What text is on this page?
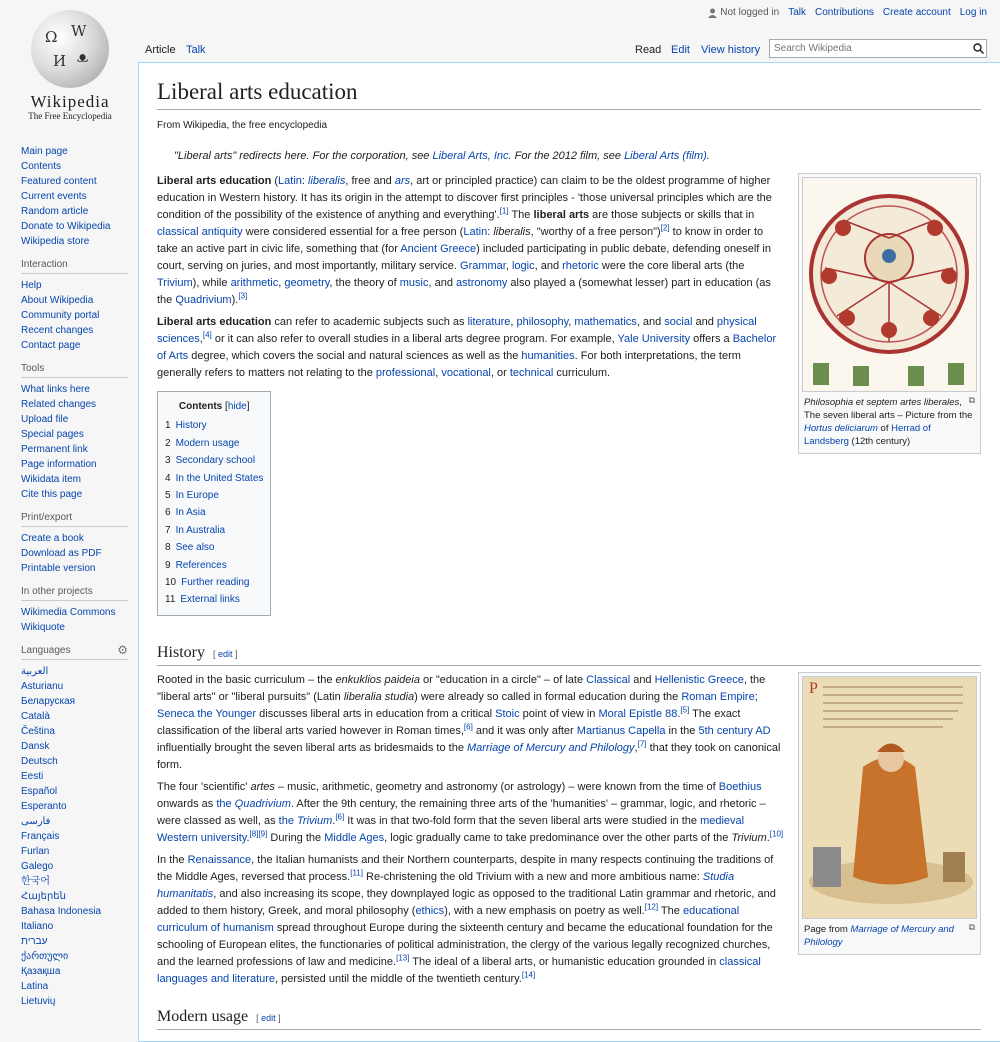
Not logged in Talk Contributions Create account Log in
Ω W
И ᴥ
Wikipedia
The Free Encyclopedia
Main page
Contents
Featured content
Current events
Random article
Donate to Wikipedia
Wikipedia store
Interaction
Help
About Wikipedia
Community portal
Recent changes
Contact page
Tools
What links here
Related changes
Upload file
Special pages
Permanent link
Page information
Wikidata item
Cite this page
Print/export
Create a book
Download as PDF
Printable version
In other projects
Wikimedia Commons
Wikiquote
Languages	⚙
العربية
Asturianu
Беларуская
Català
Čeština
Dansk
Deutsch
Eesti
Español
Esperanto
فارسی
Français
Furlan
Galego
한국어
Հայերեն
Bahasa Indonesia
Italiano
עברית
ქართული
Қазақша
Latina
Lietuvių
Article Talk	Read Edit	View history
Search Wikipedia
Liberal arts education
From Wikipedia, the free encyclopedia
"Liberal arts" redirects here. For the corporation, see Liberal Arts, Inc. For the 2012 film, see Liberal Arts (film).
⧉
Philosophia et septem artes liberales, The seven liberal arts – Picture from the Hortus deliciarum of Herrad of Landsberg (12th century)

Liberal arts education (Latin: liberalis, free and ars, art or principled practice) can claim to be the oldest programme of higher education in Western history. It has its origin in the attempt to discover first principles - 'those universal principles which are the condition of the possibility of the existence of anything and everything'.[1] The liberal arts are those subjects or skills that in classical antiquity were considered essential for a free person (Latin: liberalis, "worthy of a free person")[2] to know in order to take an active part in civic life, something that (for Ancient Greece) included participating in public debate, defending oneself in court, serving on juries, and most importantly, military service. Grammar, logic, and rhetoric were the core liberal arts (the Trivium), while arithmetic, geometry, the theory of music, and astronomy also played a (somewhat lesser) part in education (as the Quadrivium).[3]

Liberal arts education can refer to academic subjects such as literature, philosophy, mathematics, and social and physical sciences,[4] or it can also refer to overall studies in a liberal arts degree program. For example, Yale University offers a Bachelor of Arts degree, which covers the social and natural sciences as well as the humanities. For both interpretations, the term generally refers to matters not relating to the professional, vocational, or technical curriculum.

Contents [hide]
1 History
2 Modern usage
3 Secondary school
4 In the United States
5 In Europe
6 In Asia
7 In Australia
8 See also
9 References
10 Further reading
11 External links
History [ edit ]
P
⧉
Page from Marriage of Mercury and Philology

Rooted in the basic curriculum – the enkuklios paideia or "education in a circle" – of late Classical and Hellenistic Greece, the "liberal arts" or "liberal pursuits" (Latin liberalia studia) were already so called in formal education during the Roman Empire; Seneca the Younger discusses liberal arts in education from a critical Stoic point of view in Moral Epistle 88.[5] The exact classification of the liberal arts varied however in Roman times,[6] and it was only after Martianus Capella in the 5th century AD influentially brought the seven liberal arts as bridesmaids to the Marriage of Mercury and Philology,[7] that they took on canonical form.

The four 'scientific' artes – music, arithmetic, geometry and astronomy (or astrology) – were known from the time of Boethius onwards as the Quadrivium. After the 9th century, the remaining three arts of the 'humanities' – grammar, logic, and rhetoric – were classed as well, as the Trivium.[6] It was in that two-fold form that the seven liberal arts were studied in the medieval Western university.[8][9] During the Middle Ages, logic gradually came to take predominance over the other parts of the Trivium.[10]

In the Renaissance, the Italian humanists and their Northern counterparts, despite in many respects continuing the traditions of the Middle Ages, reversed that process.[11] Re-christening the old Trivium with a new and more ambitious name: Studia humanitatis, and also increasing its scope, they downplayed logic as opposed to the traditional Latin grammar and rhetoric, and added to them history, Greek, and moral philosophy (ethics), with a new emphasis on poetry as well.[12] The educational curriculum of humanism spread throughout Europe during the sixteenth century and became the educational foundation for the schooling of European elites, the functionaries of political administration, the clergy of the various legally recognized churches, and the learned professions of law and medicine.[13] The ideal of a liberal arts, or humanistic education grounded in classical languages and literature, persisted until the middle of the twentieth century.[14]

Modern usage [ edit ]
